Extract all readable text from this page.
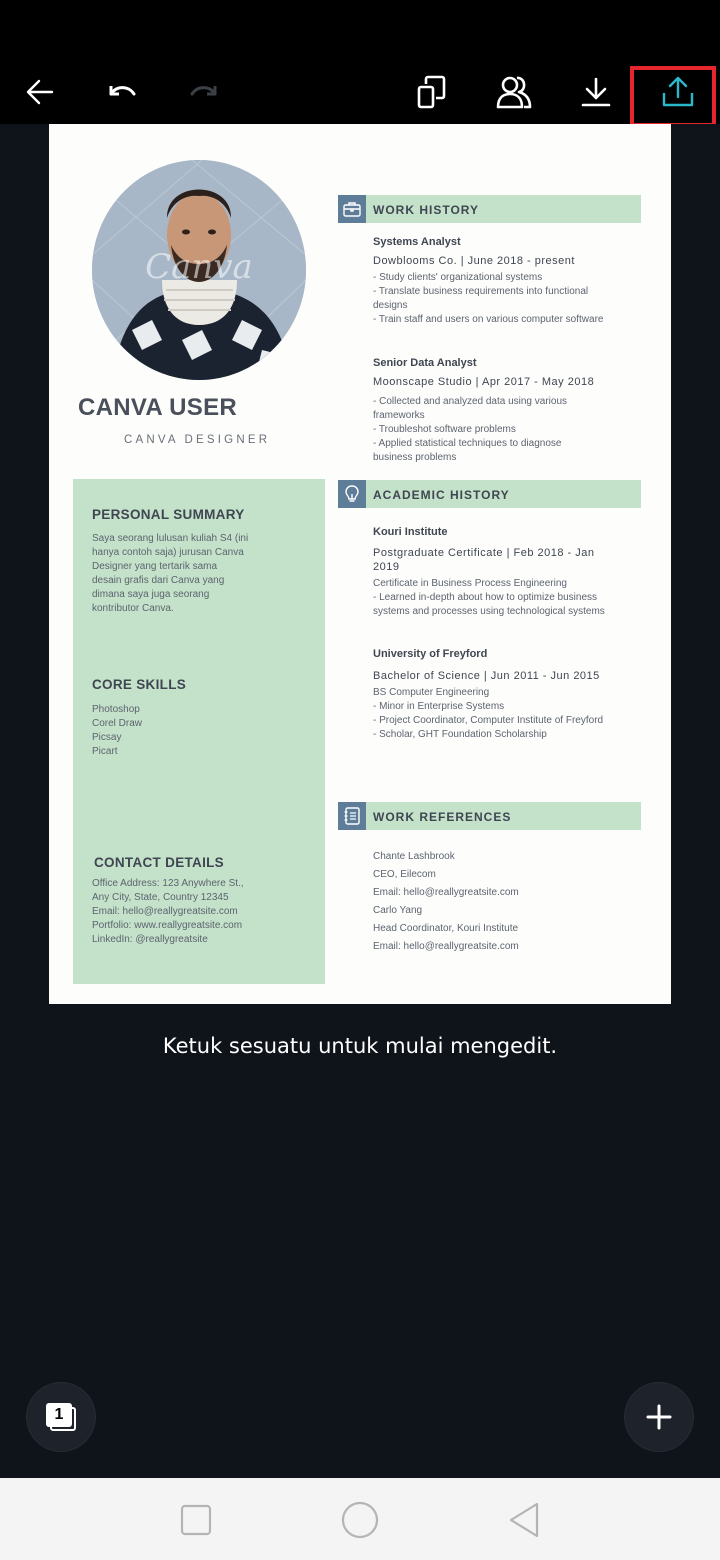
Canva
CANVA USER
CANVA DESIGNER
PERSONAL SUMMARY
Saya seorang lulusan kuliah S4 (ini
hanya contoh saja) jurusan Canva
Designer yang tertarik sama
desain grafis dari Canva yang
dimana saya juga seorang
kontributor Canva.
CORE SKILLS
Photoshop
Corel Draw
Picsay
Picart
CONTACT DETAILS
Office Address: 123 Anywhere St.,
Any City, State, Country 12345
Email: hello@reallygreatsite.com
Portfolio: www.reallygreatsite.com
LinkedIn: @reallygreatsite
WORK HISTORY
Systems Analyst
Dowblooms Co. | June 2018 - present
- Study clients' organizational systems
- Translate business requirements into functional
designs
- Train staff and users on various computer software
Senior Data Analyst
Moonscape Studio | Apr 2017 - May 2018
- Collected and analyzed data using various
frameworks
- Troubleshot software problems
- Applied statistical techniques to diagnose
business problems
ACADEMIC HISTORY
Kouri Institute
Postgraduate Certificate | Feb 2018 - Jan
2019
Certificate in Business Process Engineering
- Learned in-depth about how to optimize business
systems and processes using technological systems
University of Freyford
Bachelor of Science | Jun 2011 - Jun 2015
BS Computer Engineering
- Minor in Enterprise Systems
- Project Coordinator, Computer Institute of Freyford
- Scholar, GHT Foundation Scholarship
WORK REFERENCES
Chante Lashbrook
CEO, Eilecom
Email: hello@reallygreatsite.com
Carlo Yang
Head Coordinator, Kouri Institute
Email: hello@reallygreatsite.com
Ketuk sesuatu untuk mulai mengedit.
1
